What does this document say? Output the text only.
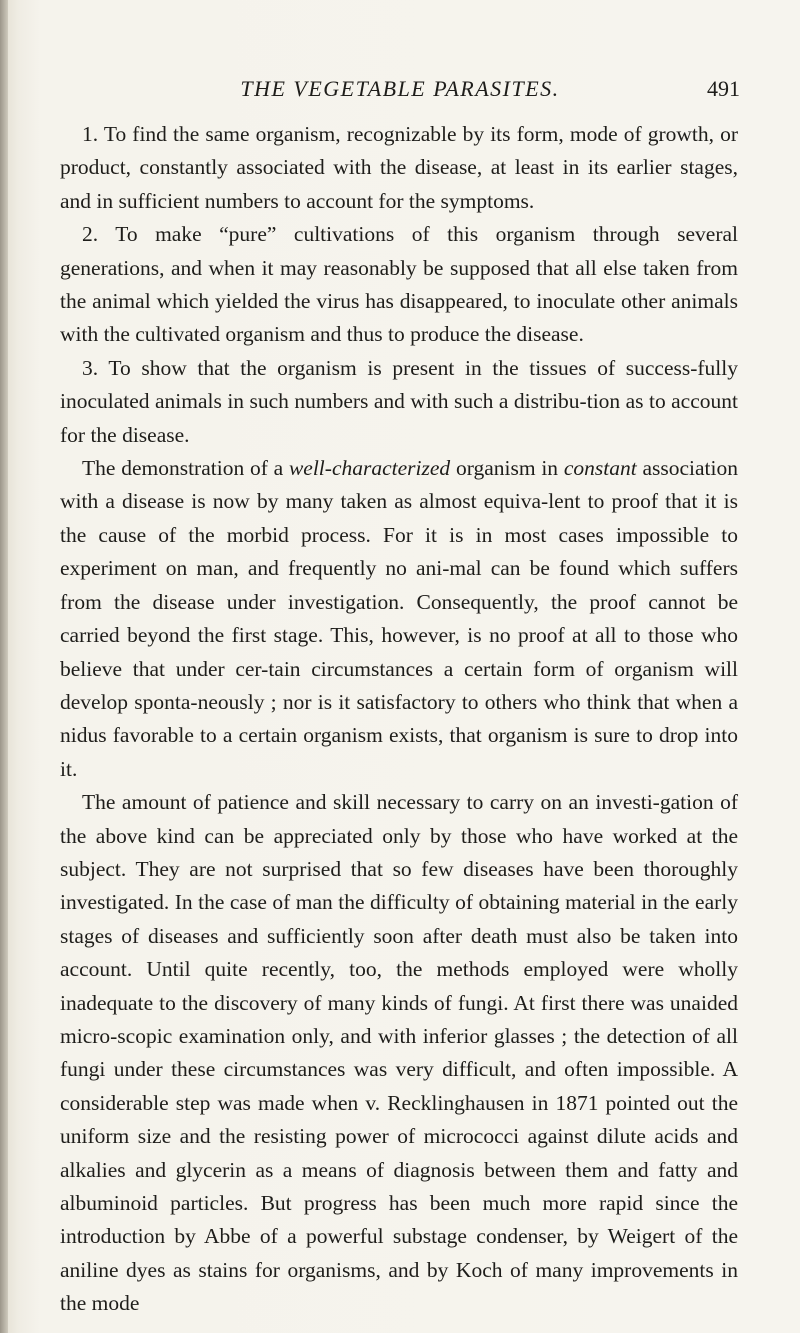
THE VEGETABLE PARASITES.	491

1. To find the same organism, recognizable by its form, mode of growth, or product, constantly associated with the disease, at least in its earlier stages, and in sufficient numbers to account for the symptoms.

2. To make “pure” cultivations of this organism through several generations, and when it may reasonably be supposed that all else taken from the animal which yielded the virus has disappeared, to inoculate other animals with the cultivated organism and thus to produce the disease.

3. To show that the organism is present in the tissues of success-fully inoculated animals in such numbers and with such a distribu-tion as to account for the disease.

The demonstration of a well-characterized organism in constant association with a disease is now by many taken as almost equiva-lent to proof that it is the cause of the morbid process. For it is in most cases impossible to experiment on man, and frequently no ani-mal can be found which suffers from the disease under investigation. Consequently, the proof cannot be carried beyond the first stage. This, however, is no proof at all to those who believe that under cer-tain circumstances a certain form of organism will develop sponta-neously ; nor is it satisfactory to others who think that when a nidus favorable to a certain organism exists, that organism is sure to drop into it.

The amount of patience and skill necessary to carry on an investi-gation of the above kind can be appreciated only by those who have worked at the subject. They are not surprised that so few diseases have been thoroughly investigated. In the case of man the difficulty of obtaining material in the early stages of diseases and sufficiently soon after death must also be taken into account. Until quite recently, too, the methods employed were wholly inadequate to the discovery of many kinds of fungi. At first there was unaided micro-scopic examination only, and with inferior glasses ; the detection of all fungi under these circumstances was very difficult, and often impossible. A considerable step was made when v. Recklinghausen in 1871 pointed out the uniform size and the resisting power of micrococci against dilute acids and alkalies and glycerin as a means of diagnosis between them and fatty and albuminoid particles. But progress has been much more rapid since the introduction by Abbe of a powerful substage condenser, by Weigert of the aniline dyes as stains for organisms, and by Koch of many improvements in the mode
